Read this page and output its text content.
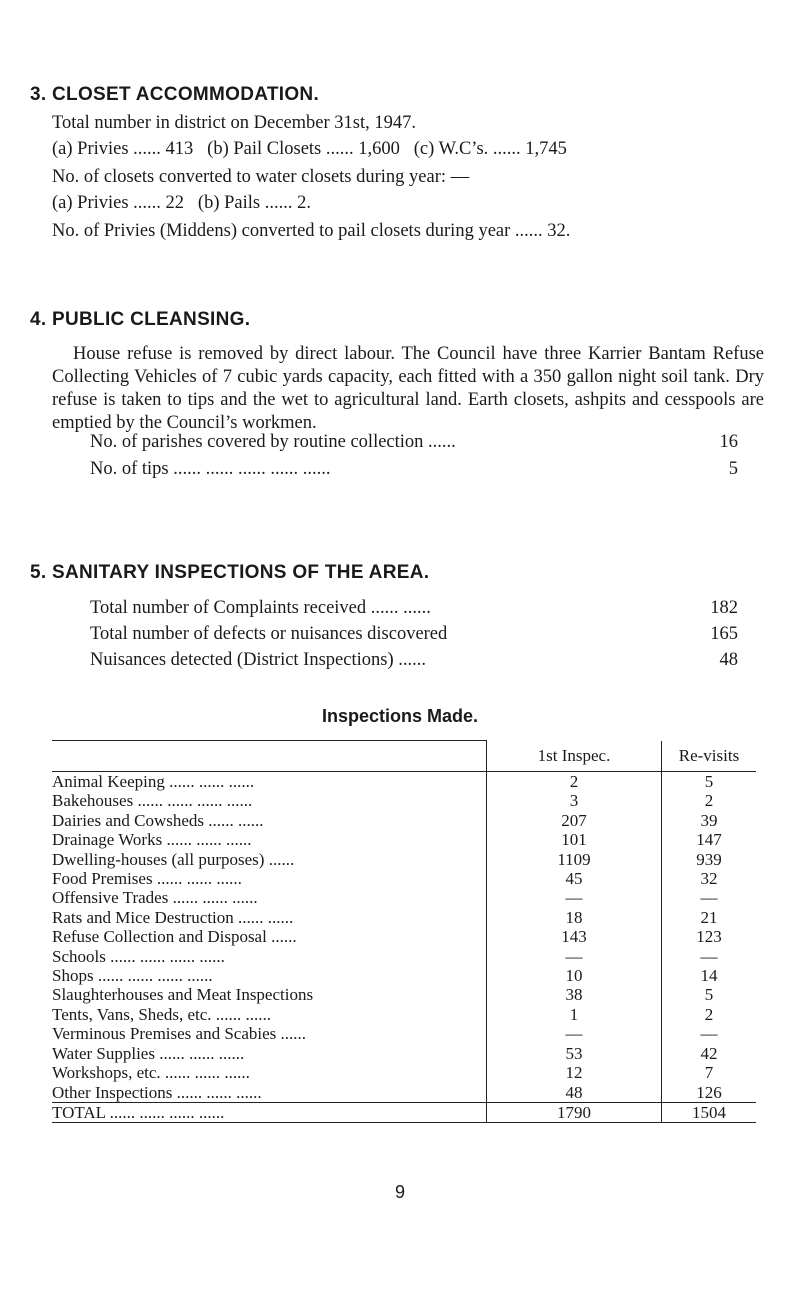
3. CLOSET ACCOMMODATION.
Total number in district on December 31st, 1947.
(a) Privies ...... 413   (b) Pail Closets ...... 1,600   (c) W.C’s. ...... 1,745
No. of closets converted to water closets during year: —
(a) Privies ...... 22   (b) Pails ...... 2.
No. of Privies (Middens) converted to pail closets during year ...... 32.
4. PUBLIC CLEANSING.
House refuse is removed by direct labour. The Council have three Karrier Bantam Refuse Collecting Vehicles of 7 cubic yards capacity, each fitted with a 350 gallon night soil tank. Dry refuse is taken to tips and the wet to agricultural land. Earth closets, ashpits and cesspools are emptied by the Council’s workmen.
No. of parishes covered by routine collection ......	16
No. of tips ...... ...... ...... ...... ......	5
5. SANITARY INSPECTIONS OF THE AREA.
Total number of Complaints received ...... ......	182
Total number of defects or nuisances discovered	165
Nuisances detected (District Inspections) ......	48
Inspections Made.
	1st Inspec.	Re-visits
Animal Keeping ...... ...... ......	2	5
Bakehouses ...... ...... ...... ......	3	2
Dairies and Cowsheds ...... ......	207	39
Drainage Works ...... ...... ......	101	147
Dwelling-houses (all purposes) ......	1109	939
Food Premises ...... ...... ......	45	32
Offensive Trades ...... ...... ......	—	—
Rats and Mice Destruction ...... ......	18	21
Refuse Collection and Disposal ......	143	123
Schools ...... ...... ...... ......	—	—
Shops ...... ...... ...... ......	10	14
Slaughterhouses and Meat Inspections	38	5
Tents, Vans, Sheds, etc. ...... ......	1	2
Verminous Premises and Scabies ......	—	—
Water Supplies ...... ...... ......	53	42
Workshops, etc. ...... ...... ......	12	7
Other Inspections ...... ...... ......	48	126
TOTAL ...... ...... ...... ......	1790	1504
9
